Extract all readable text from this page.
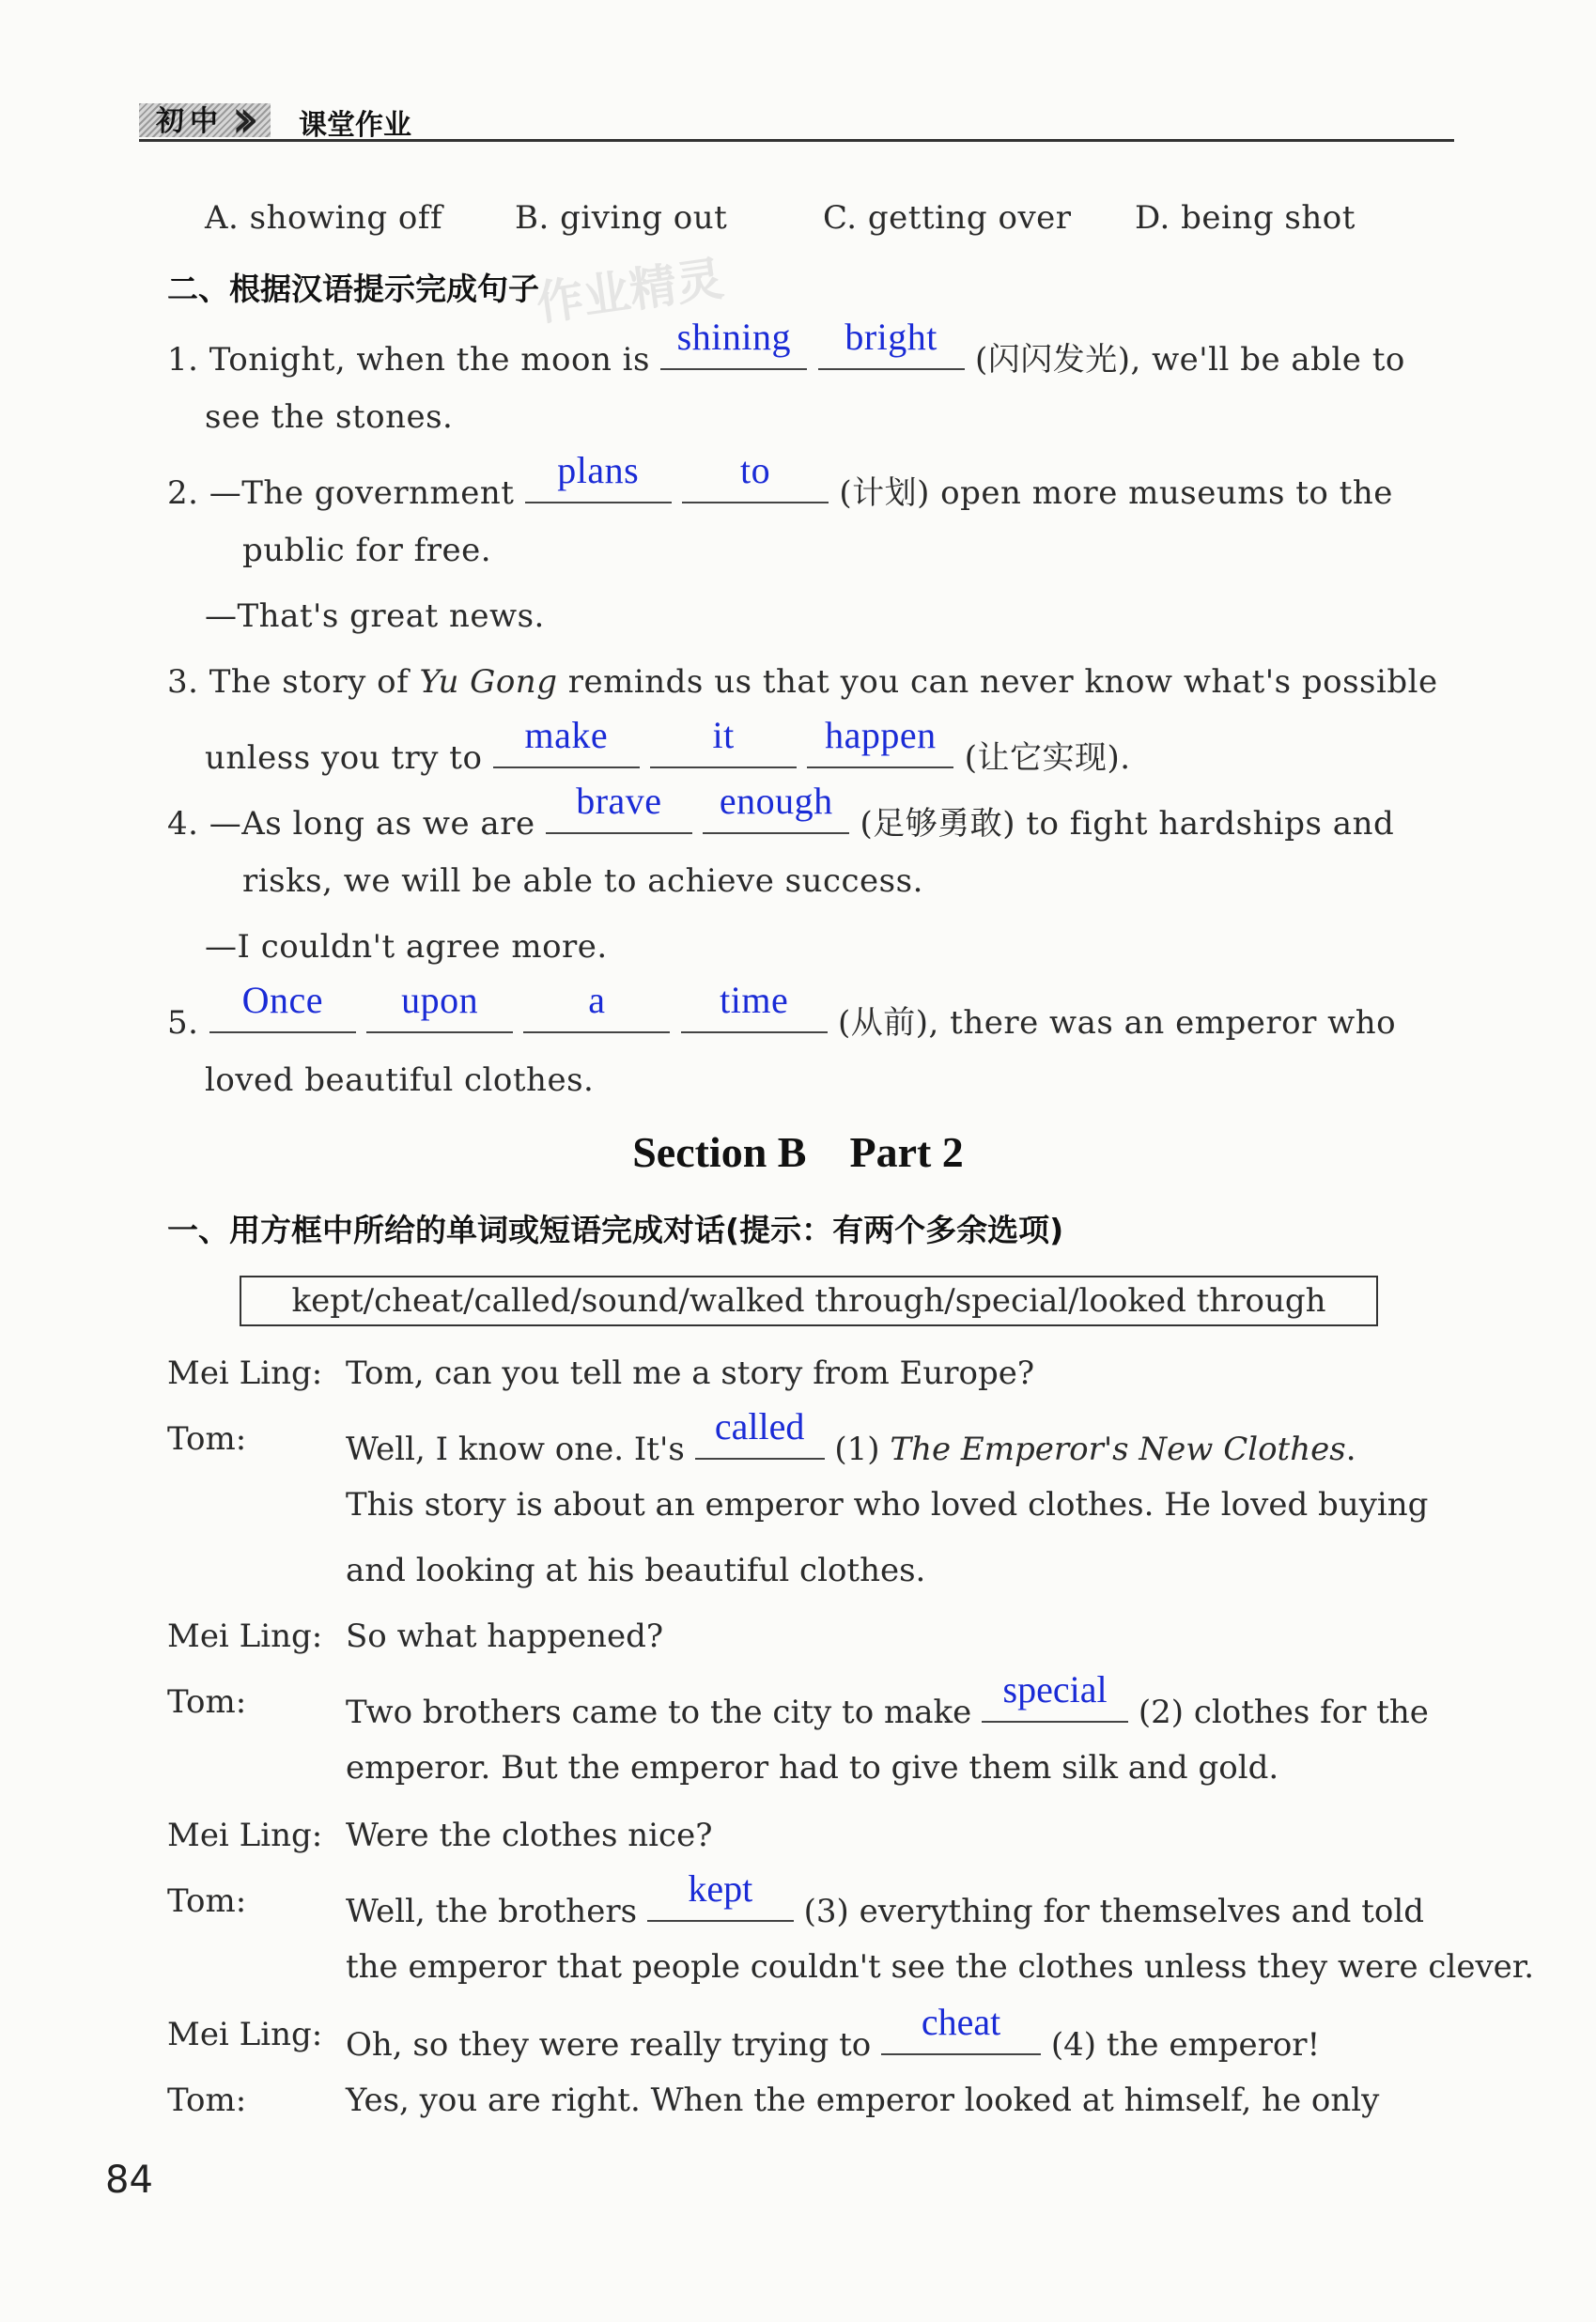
初中 ›› 课堂作业
A. showing off B. giving out	C. getting over D. being shot
二、根据汉语提示完成句子
作业精灵
1. Tonight, when the moon is
shining
	bright
(闪闪发光), we'll be able to
see the stones.
2. —The government
plans
	to
(计划) open more museums to the
public for free.
—That's great news.
3. The story of Yu Gong reminds us that you can never know what's possible
unless you try to
make
	it
	happen
(让它实现).
4. —As long as we are
brave
	enough
(足够勇敢) to fight hardships and
risks, we will be able to achieve success.
—I couldn't agree more.
5.
Once
	upon
	a
	time
(从前), there was an emperor who
loved beautiful clothes.
Section B    Part 2
一、用方框中所给的单词或短语完成对话(提示：有两个多余选项)
kept/cheat/called/sound/walked through/special/looked through
Mei Ling: Tom, can you tell me a story from Europe?
Tom:	Well, I know one. It's
called
(1) The Emperor's New Clothes.
This story is about an emperor who loved clothes. He loved buying
and looking at his beautiful clothes.
Mei Ling: So what happened?
Tom:	Two brothers came to the city to make
special
(2) clothes for the
emperor. But the emperor had to give them silk and gold.
Mei Ling: Were the clothes nice?
Tom:	Well, the brothers
kept
(3) everything for themselves and told
the emperor that people couldn't see the clothes unless they were clever.
Mei Ling: Oh, so they were really trying to
cheat
(4) the emperor!
Tom:	Yes, you are right. When the emperor looked at himself, he only
84
